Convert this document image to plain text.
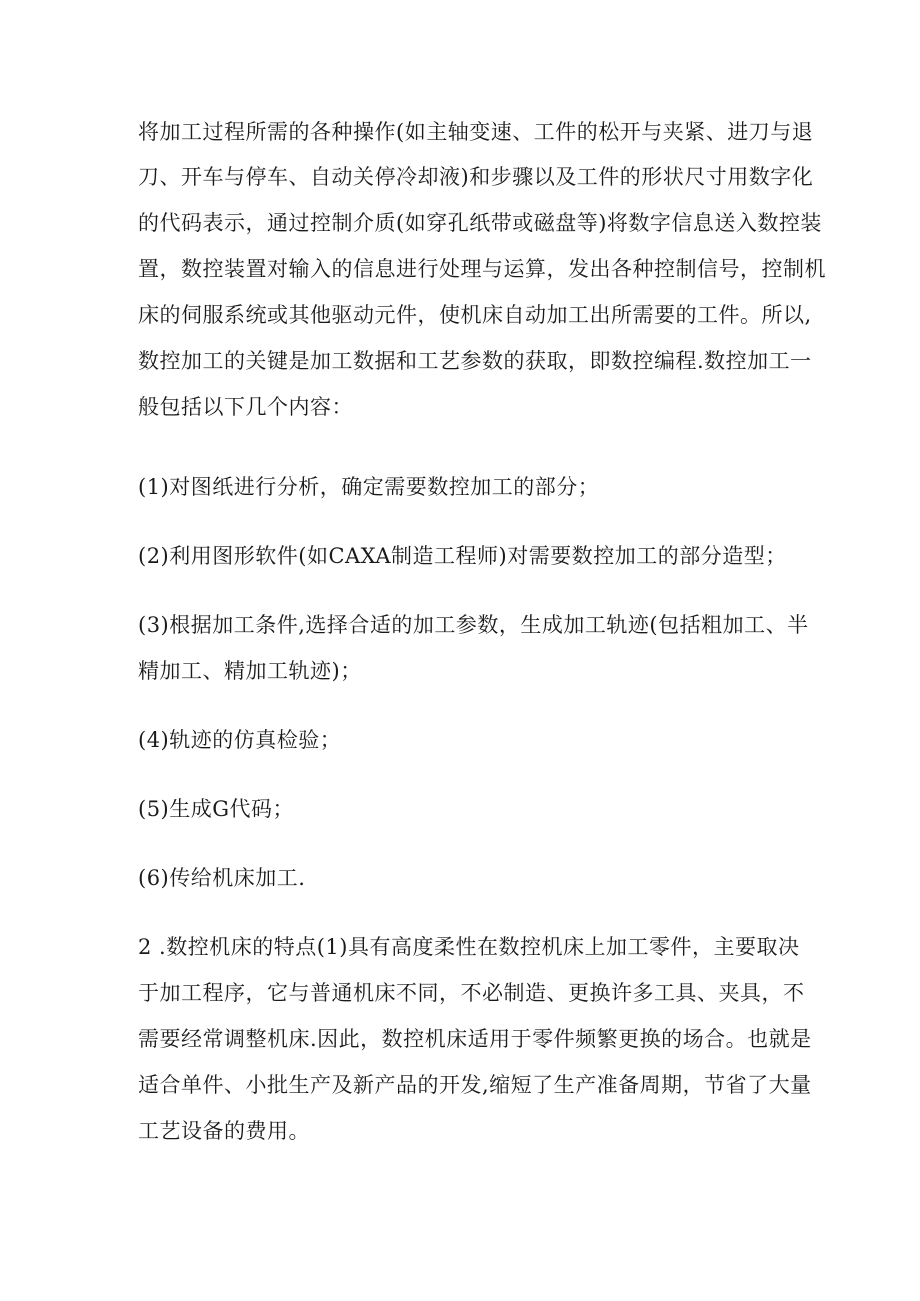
将加工过程所需的各种操作(如主轴变速、工件的松开与夹紧、进刀与退
刀、开车与停车、自动关停冷却液)和步骤以及工件的形状尺寸用数字化
的代码表示，通过控制介质(如穿孔纸带或磁盘等)将数字信息送入数控装
置，数控装置对输入的信息进行处理与运算，发出各种控制信号，控制机
床的伺服系统或其他驱动元件，使机床自动加工出所需要的工件。所以,
数控加工的关键是加工数据和工艺参数的获取，即数控编程.数控加工一
般包括以下几个内容：
(1)对图纸进行分析，确定需要数控加工的部分；
(2)利用图形软件(如CAXA制造工程师)对需要数控加工的部分造型；
(3)根据加工条件,选择合适的加工参数，生成加工轨迹(包括粗加工、半
精加工、精加工轨迹)；
(4)轨迹的仿真检验；
(5)生成G代码；
(6)传给机床加工.
2 .数控机床的特点(1)具有高度柔性在数控机床上加工零件，主要取决
于加工程序，它与普通机床不同，不必制造、更换许多工具、夹具，不
需要经常调整机床.因此，数控机床适用于零件频繁更换的场合。也就是
适合单件、小批生产及新产品的开发,缩短了生产准备周期，节省了大量
工艺设备的费用。
